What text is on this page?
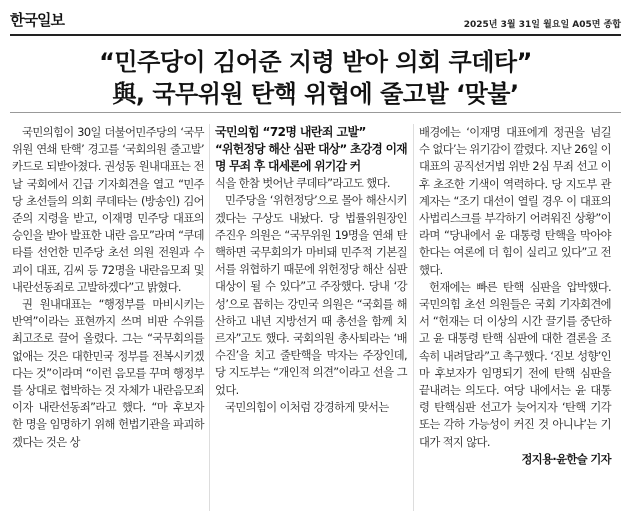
한국일보	2025년 3월 31일 월요일 A05면 종합
“민주당이 김어준 지령 받아 의회 쿠데타”
與, 국무위원 탄핵 위협에 줄고발 ‘맞불’

국민의힘이 30일 더불어민주당의 ‘국무위원 연쇄 탄핵’ 경고를 ‘국회의원 줄고발’ 카드로 되받아쳤다. 권성동 원내대표는 전날 국회에서 긴급 기자회견을 열고 “민주당 초선들의 의회 쿠데타는 (방송인) 김어준의 지령을 받고, 이재명 민주당 대표의 승인을 받아 발표한 내란 음모”라며 “쿠데타를 선언한 민주당 초선 의원 전원과 수괴이 대표, 김씨 등 72명을 내란음모죄 및 내란선동죄로 고발하겠다”고 밝혔다.

권 원내대표는 “행정부를 마비시키는 반역”이라는 표현까지 쓰며 비판 수위를 최고조로 끌어 올렸다. 그는 “국무회의를 없애는 것은 대한민국 정부를 전복시키겠다는 것”이라며 “이런 음모를 꾸며 행정부를 상대로 협박하는 것 자체가 내란음모죄이자 내란선동죄”라고 했다. “마 후보자 한 명을 임명하기 위해 헌법기관을 파괴하겠다는 것은 상

국민의힘 “72명 내란죄 고발”

“위헌정당 해산 심판 대상” 초강경 이재명 무죄 후 대세론에 위기감 커

식을 한참 벗어난 쿠데타”라고도 했다.

민주당을 ‘위헌정당’으로 몰아 해산시키겠다는 구상도 내놨다. 당 법률위원장인 주진우 의원은 “국무위원 19명을 연쇄 탄핵하면 국무회의가 마비돼 민주적 기본질서를 위협하기 때문에 위헌정당 해산 심판 대상이 될 수 있다”고 주장했다. 당내 ‘강성’으로 꼽히는 강민국 의원은 “국회를 해산하고 내년 지방선거 때 총선을 함께 치르자”고도 했다. 국회의원 총사퇴라는 ‘배수진’을 치고 줄탄핵을 막자는 주장인데, 당 지도부는 “개인적 의견”이라고 선을 그었다.

국민의힘이 이처럼 강경하게 맞서는

배경에는 ‘이재명 대표에게 정권을 넘길 수 없다’는 위기감이 깔렸다. 지난 26일 이 대표의 공직선거법 위반 2심 무죄 선고 이후 초조한 기색이 역력하다. 당 지도부 관계자는 “조기 대선이 열릴 경우 이 대표의 사법리스크를 부각하기 어려워진 상황”이라며 “당내에서 윤 대통령 탄핵을 막아야 한다는 여론에 더 힘이 실리고 있다”고 전했다.

헌재에는 빠른 탄핵 심판을 압박했다. 국민의힘 초선 의원들은 국회 기자회견에서 “헌재는 더 이상의 시간 끌기를 중단하고 윤 대통령 탄핵 심판에 대한 결론을 조속히 내려달라”고 촉구했다. ‘진보 성향’인 마 후보자가 임명되기 전에 탄핵 심판을 끝내려는 의도다. 여당 내에서는 윤 대통령 탄핵심판 선고가 늦어지자 ‘탄핵 기각 또는 각하 가능성이 커진 것 아니냐’는 기대가 적지 않다.

정지용·윤한슬 기자
